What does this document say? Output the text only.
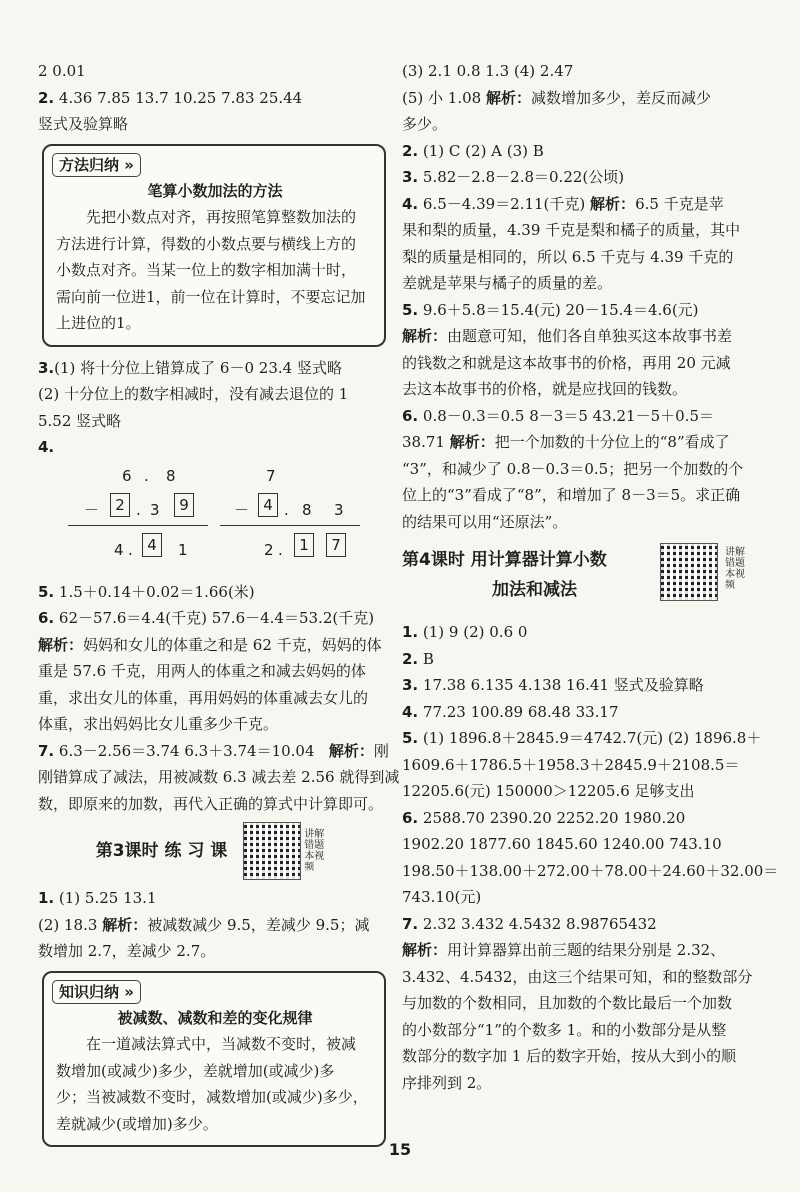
2 0.01
2. 4.36 7.85 13.7 10.25 7.83 25.44
竖式及验算略
方法归纳 »
笔算小数加法的方法

先把小数点对齐，再按照笔算整数加法的

方法进行计算，得数的小数点要与横线上方的

小数点对齐。当某一位上的数字相加满十时，

需向前一位进1，前一位在计算时，不要忘记加

上进位的1。

3.(1) 将十分位上错算成了 6－0 23.4 竖式略
(2) 十分位上的数字相减时，没有减去退位的 1
5.52 竖式略
4.
6 . 8
－	2 . 3	9
4 . 4	1
7
－ 4 . 8 3
2 .	1	7
5. 1.5＋0.14＋0.02＝1.66(米)
6. 62－57.6＝4.4(千克) 57.6－4.4＝53.2(千克)
解析：妈妈和女儿的体重之和是 62 千克，妈妈的体
重是 57.6 千克，用两人的体重之和减去妈妈的体
重，求出女儿的体重，再用妈妈的体重减去女儿的
体重，求出妈妈比女儿重多少千克。
7. 6.3－2.56＝3.74 6.3＋3.74＝10.04 解析：刚
刚错算成了减法，用被减数 6.3 减去差 2.56 就得到减
数，即原来的加数，再代入正确的算式中计算即可。
第3课时 练 习 课
讲解错题本视频
1. (1) 5.25 13.1
(2) 18.3 解析：被减数减少 9.5，差减少 9.5；减
数增加 2.7，差减少 2.7。
知识归纳 »
被减数、减数和差的变化规律

在一道减法算式中，当减数不变时，被减

数增加(或减少)多少，差就增加(或减少)多

少；当被减数不变时，减数增加(或减少)多少，

差就减少(或增加)多少。

(3) 2.1 0.8 1.3 (4) 2.47
(5) 小 1.08 解析：减数增加多少，差反而减少
多少。
2. (1) C (2) A (3) B
3. 5.82－2.8－2.8＝0.22(公顷)
4. 6.5－4.39＝2.11(千克) 解析：6.5 千克是苹
果和梨的质量，4.39 千克是梨和橘子的质量，其中
梨的质量是相同的，所以 6.5 千克与 4.39 千克的
差就是苹果与橘子的质量的差。
5. 9.6＋5.8＝15.4(元) 20－15.4＝4.6(元)
解析：由题意可知，他们各自单独买这本故事书差
的钱数之和就是这本故事书的价格，再用 20 元减
去这本故事书的价格，就是应找回的钱数。
6. 0.8－0.3＝0.5 8－3＝5 43.21－5＋0.5＝
38.71 解析：把一个加数的十分位上的“8”看成了
“3”，和减少了 0.8－0.3＝0.5；把另一个加数的个
位上的“3”看成了“8”，和增加了 8－3＝5。求正确
的结果可以用“还原法”。
第4课时 用计算器计算小数
加法和减法
讲解错题本视频
1. (1) 9 (2) 0.6 0
2. B
3. 17.38 6.135 4.138 16.41 竖式及验算略
4. 77.23 100.89 68.48 33.17
5. (1) 1896.8＋2845.9＝4742.7(元) (2) 1896.8＋
1609.6＋1786.5＋1958.3＋2845.9＋2108.5＝
12205.6(元) 150000＞12205.6 足够支出
6. 2588.70 2390.20 2252.20 1980.20
1902.20 1877.60 1845.60 1240.00 743.10
198.50＋138.00＋272.00＋78.00＋24.60＋32.00＝
743.10(元)
7. 2.32 3.432 4.5432 8.98765432
解析：用计算器算出前三题的结果分别是 2.32、
3.432、4.5432，由这三个结果可知，和的整数部分
与加数的个数相同，且加数的个数比最后一个加数
的小数部分“1”的个数多 1。和的小数部分是从整
数部分的数字加 1 后的数字开始，按从大到小的顺
序排列到 2。
15
